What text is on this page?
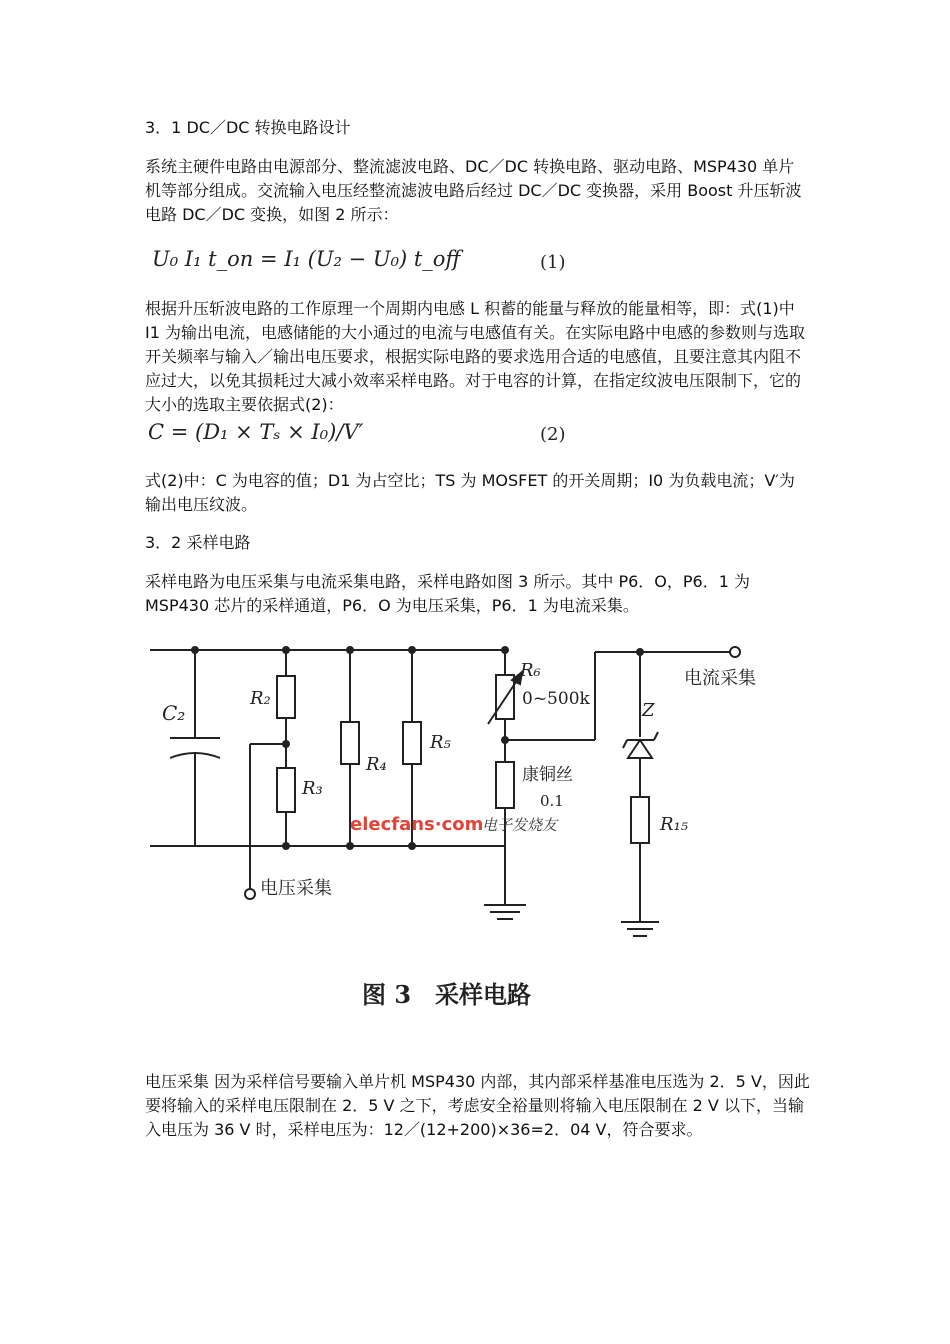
3．1 DC／DC 转换电路设计
系统主硬件电路由电源部分、整流滤波电路、DC／DC 转换电路、驱动电路、MSP430 单片机等部分组成。交流输入电压经整流滤波电路后经过 DC／DC 变换器，采用 Boost 升压斩波电路 DC／DC 变换，如图 2 所示：
U₀ I₁ t_on = I₁ (U₂ − U₀) t_off	(1)
根据升压斩波电路的工作原理一个周期内电感 L 积蓄的能量与释放的能量相等，即：式(1)中 I1 为输出电流，电感储能的大小通过的电流与电感值有关。在实际电路中电感的参数则与选取开关频率与输入／输出电压要求，根据实际电路的要求选用合适的电感值，且要注意其内阻不应过大，以免其损耗过大减小效率采样电路。对于电容的计算，在指定纹波电压限制下，它的大小的选取主要依据式(2)：
C = (D₁ × Tₛ × I₀)/V′	(2)
式(2)中：C 为电容的值；D1 为占空比；TS 为 MOSFET 的开关周期；I0 为负载电流；V′为输出电压纹波。
3．2 采样电路
采样电路为电压采集与电流采集电路，采样电路如图 3 所示。其中 P6．O，P6．1 为 MSP430 芯片的采样通道，P6．O 为电压采集，P6．1 为电流采集。
C₂
R₂
R₃
R₄
R₅
R₆
0~500k
R₁₅
Z
康铜丝
0.1
电流采集
电压采集
elecfans·com
电子发烧友
图 3　采样电路
电压采集 因为采样信号要输入单片机 MSP430 内部，其内部采样基准电压选为 2．5 V，因此要将输入的采样电压限制在 2．5 V 之下，考虑安全裕量则将输入电压限制在 2 V 以下，当输入电压为 36 V 时，采样电压为：12／(12+200)×36=2．04 V，符合要求。
